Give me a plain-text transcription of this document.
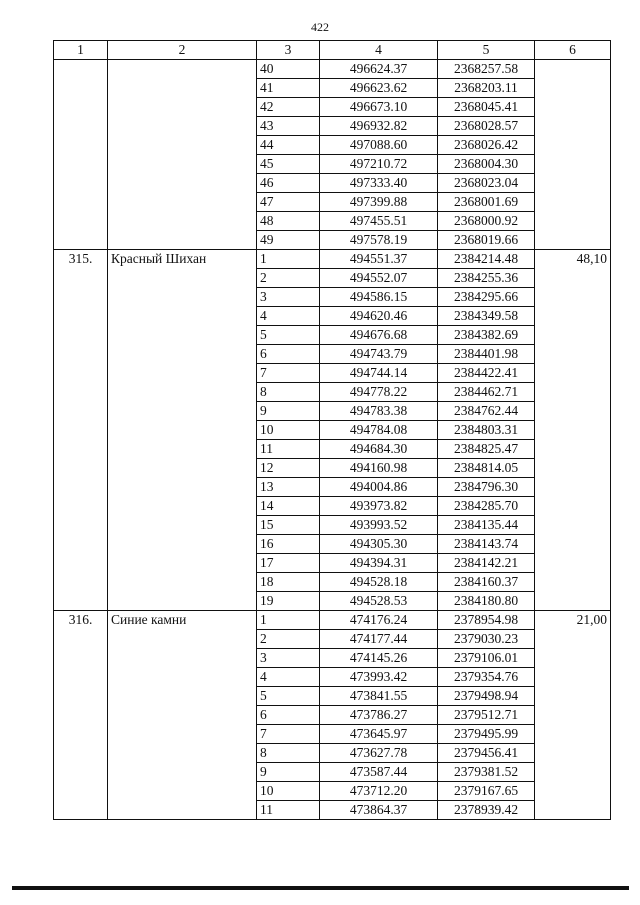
422
1	2	3	4	5	6
		40	496624.37	2368257.58	
		41	496623.62	2368203.11	
		42	496673.10	2368045.41	
		43	496932.82	2368028.57	
		44	497088.60	2368026.42	
		45	497210.72	2368004.30	
		46	497333.40	2368023.04	
		47	497399.88	2368001.69	
		48	497455.51	2368000.92	
		49	497578.19	2368019.66	
315.	Красный Шихан	1	494551.37	2384214.48	48,10
		2	494552.07	2384255.36	
		3	494586.15	2384295.66	
		4	494620.46	2384349.58	
		5	494676.68	2384382.69	
		6	494743.79	2384401.98	
		7	494744.14	2384422.41	
		8	494778.22	2384462.71	
		9	494783.38	2384762.44	
		10	494784.08	2384803.31	
		11	494684.30	2384825.47	
		12	494160.98	2384814.05	
		13	494004.86	2384796.30	
		14	493973.82	2384285.70	
		15	493993.52	2384135.44	
		16	494305.30	2384143.74	
		17	494394.31	2384142.21	
		18	494528.18	2384160.37	
		19	494528.53	2384180.80	
316.	Синие камни	1	474176.24	2378954.98	21,00
		2	474177.44	2379030.23	
		3	474145.26	2379106.01	
		4	473993.42	2379354.76	
		5	473841.55	2379498.94	
		6	473786.27	2379512.71	
		7	473645.97	2379495.99	
		8	473627.78	2379456.41	
		9	473587.44	2379381.52	
		10	473712.20	2379167.65	
		11	473864.37	2378939.42	
